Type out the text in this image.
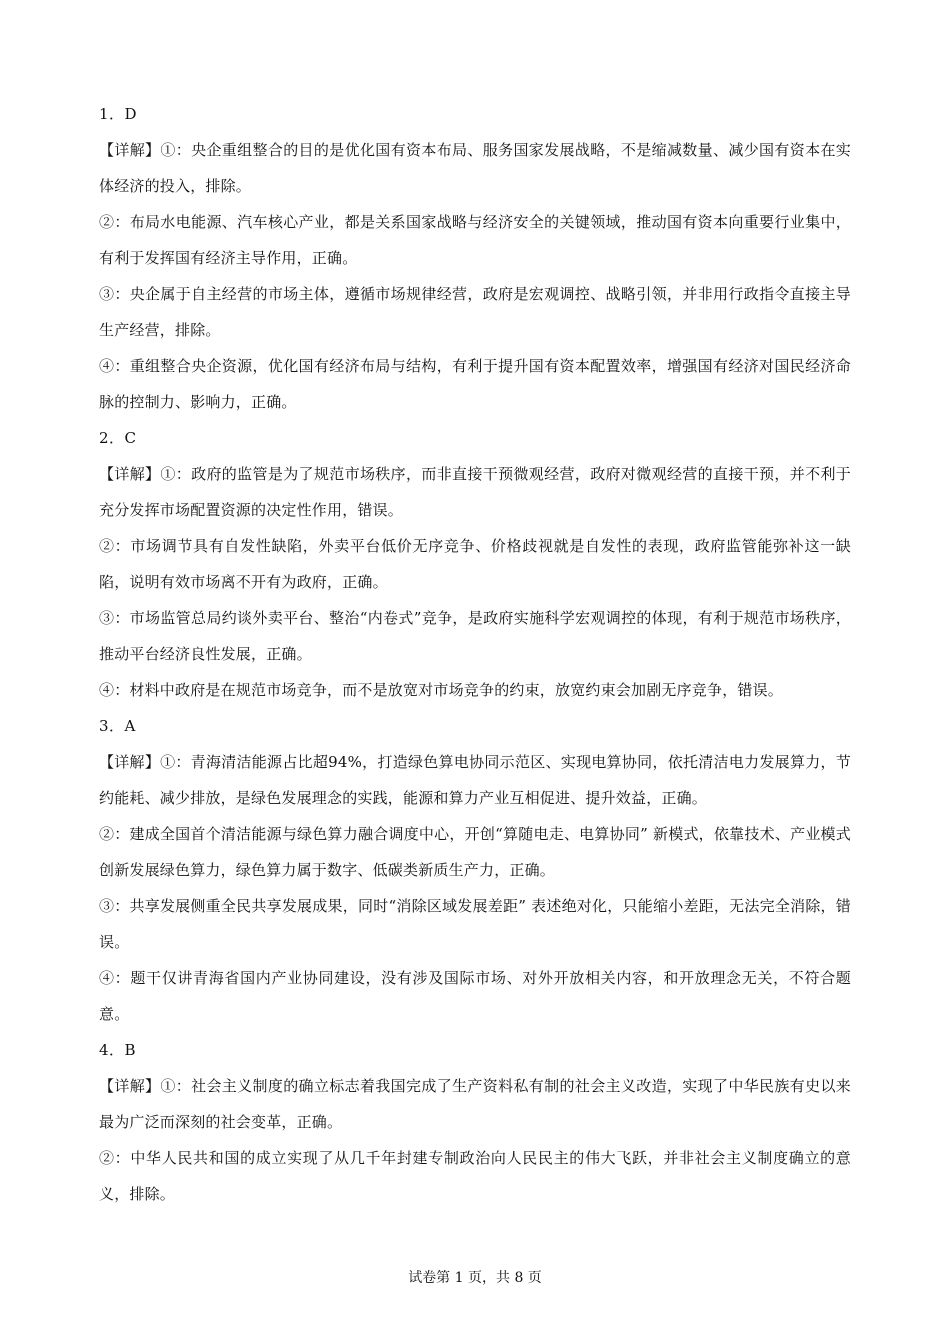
1．D

【详解】①：央企重组整合的目的是优化国有资本布局、服务国家发展战略，不是缩减数量、减少国有资本在实体经济的投入，排除。

②：布局水电能源、汽车核心产业，都是关系国家战略与经济安全的关键领域，推动国有资本向重要行业集中，有利于发挥国有经济主导作用，正确。

③：央企属于自主经营的市场主体，遵循市场规律经营，政府是宏观调控、战略引领，并非用行政指令直接主导生产经营，排除。

④：重组整合央企资源，优化国有经济布局与结构，有利于提升国有资本配置效率，增强国有经济对国民经济命脉的控制力、影响力，正确。

2．C

【详解】①：政府的监管是为了规范市场秩序，而非直接干预微观经营，政府对微观经营的直接干预，并不利于充分发挥市场配置资源的决定性作用，错误。

②：市场调节具有自发性缺陷，外卖平台低价无序竞争、价格歧视就是自发性的表现，政府监管能弥补这一缺陷，说明有效市场离不开有为政府，正确。

③：市场监管总局约谈外卖平台、整治“内卷式”竞争，是政府实施科学宏观调控的体现，有利于规范市场秩序，推动平台经济良性发展，正确。

④：材料中政府是在规范市场竞争，而不是放宽对市场竞争的约束，放宽约束会加剧无序竞争，错误。

3．A

【详解】①：青海清洁能源占比超94%，打造绿色算电协同示范区、实现电算协同，依托清洁电力发展算力，节约能耗、减少排放，是绿色发展理念的实践，能源和算力产业互相促进、提升效益，正确。

②：建成全国首个清洁能源与绿色算力融合调度中心，开创“算随电走、电算协同” 新模式，依靠技术、产业模式创新发展绿色算力，绿色算力属于数字、低碳类新质生产力，正确。

③：共享发展侧重全民共享发展成果，同时“消除区域发展差距” 表述绝对化，只能缩小差距，无法完全消除，错误。

④：题干仅讲青海省国内产业协同建设，没有涉及国际市场、对外开放相关内容，和开放理念无关，不符合题意。

4．B

【详解】①：社会主义制度的确立标志着我国完成了生产资料私有制的社会主义改造，实现了中华民族有史以来最为广泛而深刻的社会变革，正确。

②：中华人民共和国的成立实现了从几千年封建专制政治向人民民主的伟大飞跃，并非社会主义制度确立的意义，排除。

试卷第 1 页，共 8 页
